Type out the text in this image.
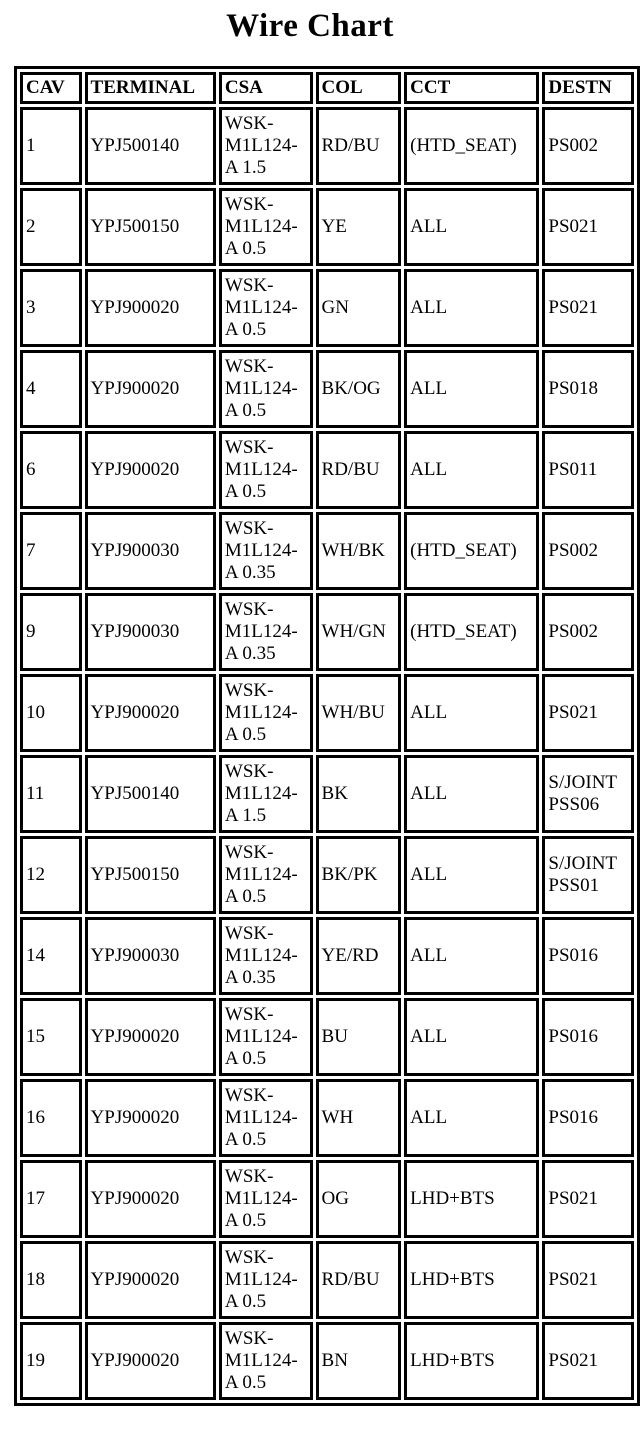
Wire Chart
CAV	TERMINAL	CSA	COL	CCT	DESTN
1	YPJ500140	WSK-
M1L124-
A 1.5	RD/BU	(HTD_SEAT)	PS002

2	YPJ500150	WSK-
M1L124-
A 0.5	YE	ALL	PS021

3	YPJ900020	WSK-
M1L124-
A 0.5	GN	ALL	PS021

4	YPJ900020	WSK-
M1L124-
A 0.5	BK/OG	ALL	PS018

6	YPJ900020	WSK-
M1L124-
A 0.5	RD/BU	ALL	PS011

7	YPJ900030	WSK-
M1L124-
A 0.35	WH/BK	(HTD_SEAT)	PS002

9	YPJ900030	WSK-
M1L124-
A 0.35	WH/GN	(HTD_SEAT)	PS002

10	YPJ900020	WSK-
M1L124-
A 0.5	WH/BU	ALL	PS021

11	YPJ500140	WSK-
M1L124-
A 1.5	BK	ALL	S/JOINT
PSS06

12	YPJ500150	WSK-
M1L124-
A 0.5	BK/PK	ALL	S/JOINT
PSS01

14	YPJ900030	WSK-
M1L124-
A 0.35	YE/RD	ALL	PS016

15	YPJ900020	WSK-
M1L124-
A 0.5	BU	ALL	PS016

16	YPJ900020	WSK-
M1L124-
A 0.5	WH	ALL	PS016

17	YPJ900020	WSK-
M1L124-
A 0.5	OG	LHD+BTS	PS021

18	YPJ900020	WSK-
M1L124-
A 0.5	RD/BU	LHD+BTS	PS021

19	YPJ900020	WSK-
M1L124-
A 0.5	BN	LHD+BTS	PS021
